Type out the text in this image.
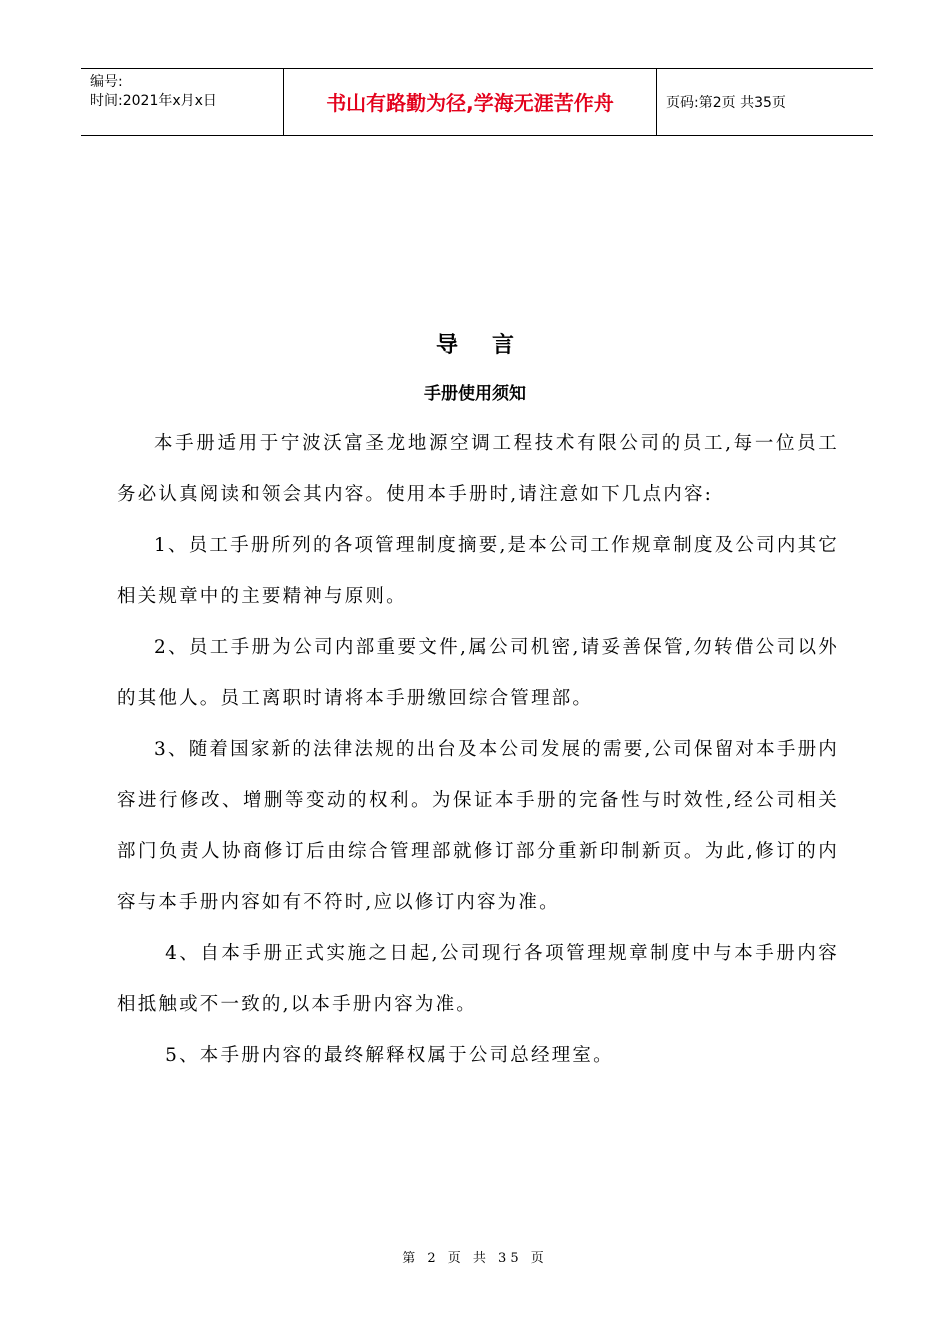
编号:
时间:2021年x月x日	书山有路勤为径,学海无涯苦作舟	页码:第2页 共35页
导言
手册使用须知

本手册适用于宁波沃富圣龙地源空调工程技术有限公司的员工,每一位员工务必认真阅读和领会其内容。使用本手册时,请注意如下几点内容:

1、员工手册所列的各项管理制度摘要,是本公司工作规章制度及公司内其它相关规章中的主要精神与原则。

2、员工手册为公司内部重要文件,属公司机密,请妥善保管,勿转借公司以外的其他人。员工离职时请将本手册缴回综合管理部。

3、随着国家新的法律法规的出台及本公司发展的需要,公司保留对本手册内容进行修改、增删等变动的权利。为保证本手册的完备性与时效性,经公司相关部门负责人协商修订后由综合管理部就修订部分重新印制新页。为此,修订的内容与本手册内容如有不符时,应以修订内容为准。

4、自本手册正式实施之日起,公司现行各项管理规章制度中与本手册内容相抵触或不一致的,以本手册内容为准。

5、本手册内容的最终解释权属于公司总经理室。

第 2 页 共 35 页
